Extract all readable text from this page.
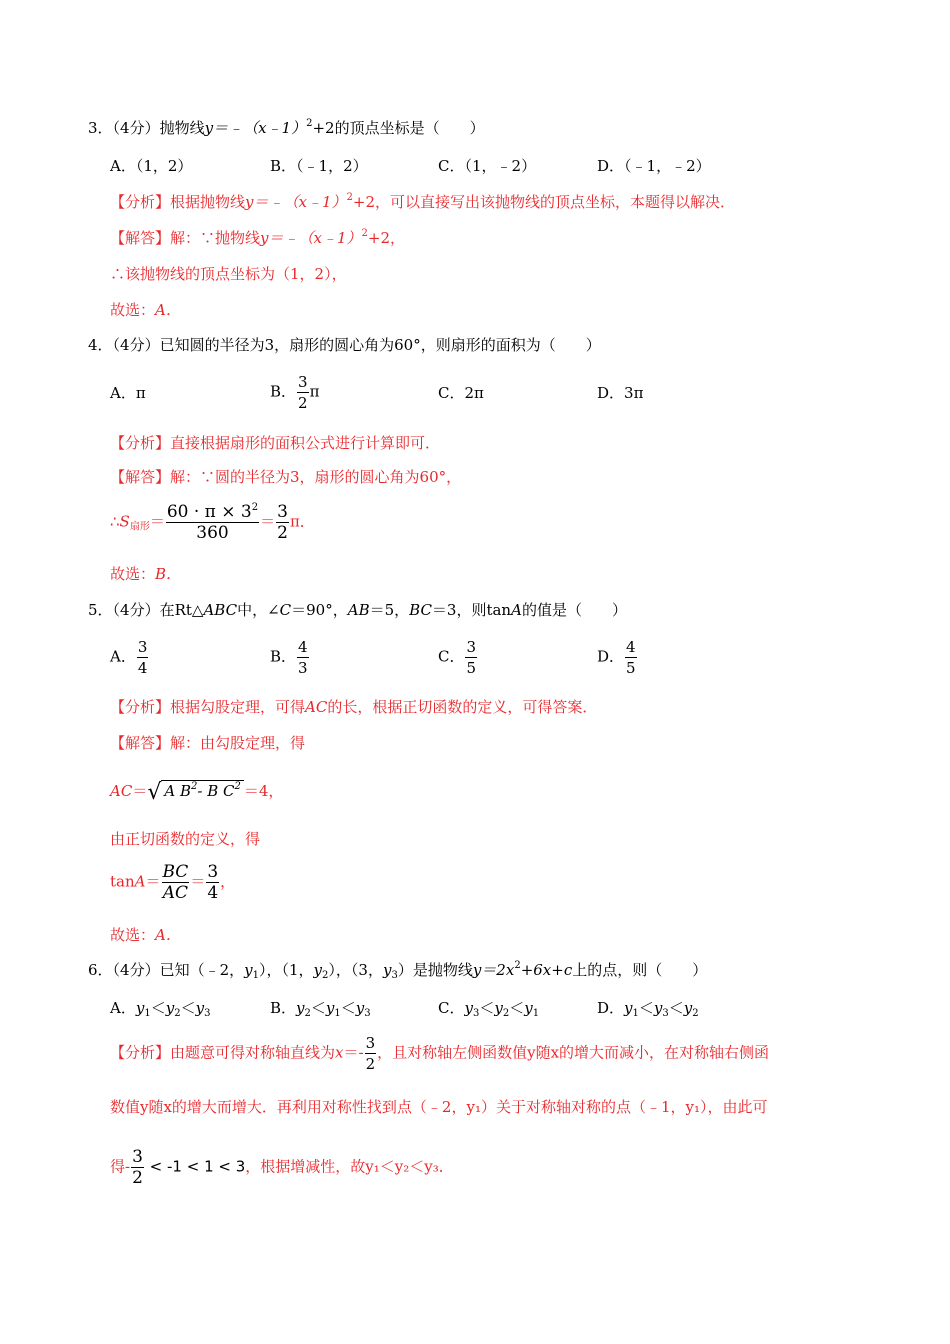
3．（4分）抛物线y＝﹣（x﹣1）$^2$+2的顶点坐标是（　　）
A．（1，2）	B．（﹣1，2）	C．（1，﹣2）	D．（﹣1，﹣2）
【分析】根据抛物线y＝﹣（x﹣1）$^2$+2，可以直接写出该抛物线的顶点坐标，本题得以解决．
【解答】解：∵抛物线y＝﹣（x﹣1）$^2$+2，
∴该抛物线的顶点坐标为（1，2），
故选：A．
4．（4分）已知圆的半径为3，扇形的圆心角为60°，则扇形的面积为（　　）
A．π	B． $\frac{3}{2}$ π	C．2π	D．3π
【分析】直接根据扇形的面积公式进行计算即可．
【解答】解：∵圆的半径为3，扇形的圆心角为60°，
$\therefore S_{扇形}= \frac{60 \cdot \pi \times 3^2}{360} = \frac{3}{2}$ π．
故选：B．
5．（4分）在Rt△ABC中，∠C＝90°，AB＝5，BC＝3，则tanA的值是（　　）
A． $\frac{3}{4}$	B． $\frac{4}{3}$	C． $\frac{3}{5}$	D． $\frac{4}{5}$
【分析】根据勾股定理，可得AC的长，根据正切函数的定义，可得答案．
【解答】解：由勾股定理，得
AC＝√ A $B^2-$ B $C^2 =4$，
由正切函数的定义，得
$\tan A= \frac{BC}{AC} = \frac{3}{4}$ ，
故选：A．
6．（4分）已知（﹣2，$y_1$），（1，$y_2$），（3，$y_3$）是抛物线$y=2x^2+6x+c$上的点，则（　　）
A．$y_1<y_2<y_3$	B．$y_2<y_1<y_3$	C．$y_3<y_2<y_1$	D．$y_1<y_3<y_2$
【分析】由题意可得对称轴直线为$x=- \frac{3}{2}$ ，且对称轴左侧函数值y随x的增大而减小，在对称轴右侧函
数值y随x的增大而增大．再利用对称性找到点（﹣2，y₁）关于对称轴对称的点（﹣1，y₁），由此可
得- $\frac{3}{2} < -1 < 1 < 3$，根据增减性，故y₁＜y₂＜y₃．
